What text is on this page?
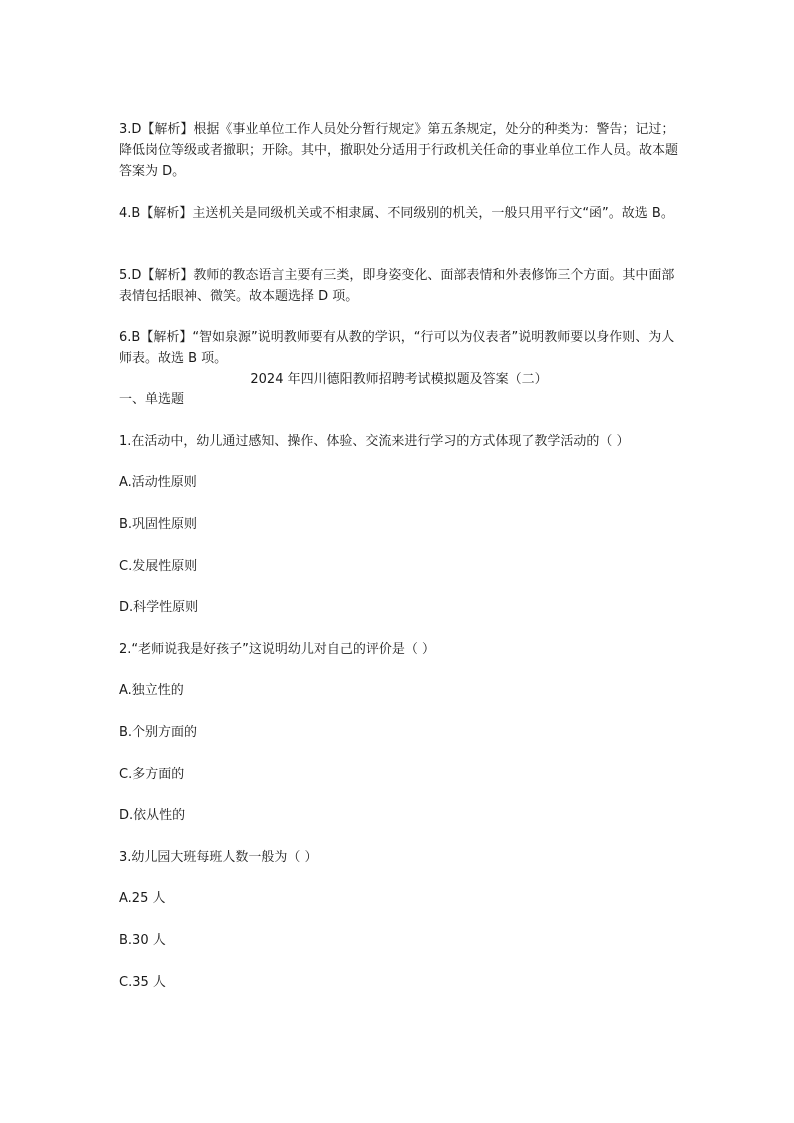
3.D【解析】根据《事业单位工作人员处分暂行规定》第五条规定，处分的种类为：警告；记过；降低岗位等级或者撤职；开除。其中，撤职处分适用于行政机关任命的事业单位工作人员。故本题答案为 D。

4.B【解析】主送机关是同级机关或不相隶属、不同级别的机关，一般只用平行文“函”。故选 B。

5.D【解析】教师的教态语言主要有三类，即身姿变化、面部表情和外表修饰三个方面。其中面部表情包括眼神、微笑。故本题选择 D 项。

6.B【解析】“智如泉源”说明教师要有从教的学识，“行可以为仪表者”说明教师要以身作则、为人师表。故选 B 项。

2024 年四川德阳教师招聘考试模拟题及答案（二）

一、单选题

1.在活动中，幼儿通过感知、操作、体验、交流来进行学习的方式体现了教学活动的（ ）

A.活动性原则

B.巩固性原则

C.发展性原则

D.科学性原则

2.“老师说我是好孩子”这说明幼儿对自己的评价是（ ）

A.独立性的

B.个别方面的

C.多方面的

D.依从性的

3.幼儿园大班每班人数一般为（ ）

A.25 人

B.30 人

C.35 人
